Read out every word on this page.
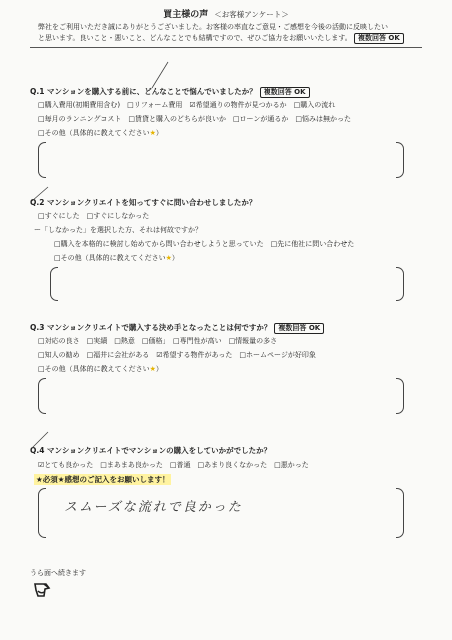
買主様の声 ＜お客様アンケート＞
弊社をご利用いただき誠にありがとうございました。お客様の率直なご意見・ご感想を今後の活動に反映したい
と思います。良いこと・悪いこと、どんなことでも結構ですので、ぜひご協力をお願いいたします。 複数回答 OK
Q.1 マンションを購入する前に、どんなことで悩んでいましたか？ 複数回答 OK
□購入費用(初期費用含む)　□リフォーム費用　☑希望通りの物件が見つかるか　□購入の流れ
□毎月のランニングコスト　□賃貸と購入のどちらが良いか　□ローンが通るか　□悩みは無かった
□その他（具体的に教えてください★）
Q.2 マンションクリエイトを知ってすぐに問い合わせしましたか？
□すぐにした　□すぐにしなかった
ー「しなかった」を選択した方、それは何故ですか？
□購入を本格的に検討し始めてから問い合わせしようと思っていた　□先に他社に問い合わせた
□その他（具体的に教えてください★）
Q.3 マンションクリエイトで購入する決め手となったことは何ですか？ 複数回答 OK
□対応の良さ　□実績　□熱意　□価格」　□専門性が高い　□情報量の多さ
□知人の勧め　□福井に会社がある　☑希望する物件があった　□ホームページが好印象
□その他（具体的に教えてください★）
Q.4 マンションクリエイトでマンションの購入をしていかがでしたか？
☑とても良かった　□まあまあ良かった　□普通　□あまり良くなかった　□悪かった
★必須★感想のご記入をお願いします！
スムーズな流れで良かった
うら面へ続きます
